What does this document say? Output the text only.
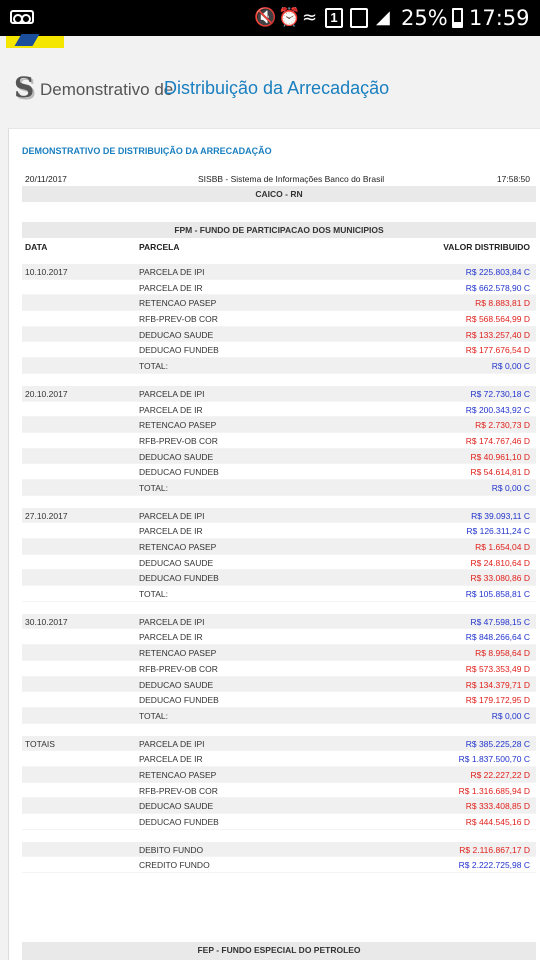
🔇 ⏰ ≈	1 ◢ 25% 17:59
S Demonstrativo de
Distribuição da Arrecadação
DEMONSTRATIVO DE DISTRIBUIÇÃO DA ARRECADAÇÃO
20/11/2017	SISBB - Sistema de Informações Banco do Brasil	17:58:50
CAICO - RN
FPM - FUNDO DE PARTICIPACAO DOS MUNICIPIOS
DATA	PARCELA	VALOR DISTRIBUIDO
10.10.2017	PARCELA DE IPI	R$ 225.803,84 C
PARCELA DE IR	R$ 662.578,90 C
RETENCAO PASEP	R$ 8.883,81 D
RFB-PREV-OB COR	R$ 568.564,99 D
DEDUCAO SAUDE	R$ 133.257,40 D
DEDUCAO FUNDEB	R$ 177.676,54 D
TOTAL:	R$ 0,00 C
20.10.2017	PARCELA DE IPI	R$ 72.730,18 C
PARCELA DE IR	R$ 200.343,92 C
RETENCAO PASEP	R$ 2.730,73 D
RFB-PREV-OB COR	R$ 174.767,46 D
DEDUCAO SAUDE	R$ 40.961,10 D
DEDUCAO FUNDEB	R$ 54.614,81 D
TOTAL:	R$ 0,00 C
27.10.2017	PARCELA DE IPI	R$ 39.093,11 C
PARCELA DE IR	R$ 126.311,24 C
RETENCAO PASEP	R$ 1.654,04 D
DEDUCAO SAUDE	R$ 24.810,64 D
DEDUCAO FUNDEB	R$ 33.080,86 D
TOTAL:	R$ 105.858,81 C
30.10.2017	PARCELA DE IPI	R$ 47.598,15 C
PARCELA DE IR	R$ 848.266,64 C
RETENCAO PASEP	R$ 8.958,64 D
RFB-PREV-OB COR	R$ 573.353,49 D
DEDUCAO SAUDE	R$ 134.379,71 D
DEDUCAO FUNDEB	R$ 179.172,95 D
TOTAL:	R$ 0,00 C
TOTAIS	PARCELA DE IPI	R$ 385.225,28 C
PARCELA DE IR	R$ 1.837.500,70 C
RETENCAO PASEP	R$ 22.227,22 D
RFB-PREV-OB COR	R$ 1.316.685,94 D
DEDUCAO SAUDE	R$ 333.408,85 D
DEDUCAO FUNDEB	R$ 444.545,16 D
DEBITO FUNDO	R$ 2.116.867,17 D
CREDITO FUNDO	R$ 2.222.725,98 C
FEP - FUNDO ESPECIAL DO PETROLEO
